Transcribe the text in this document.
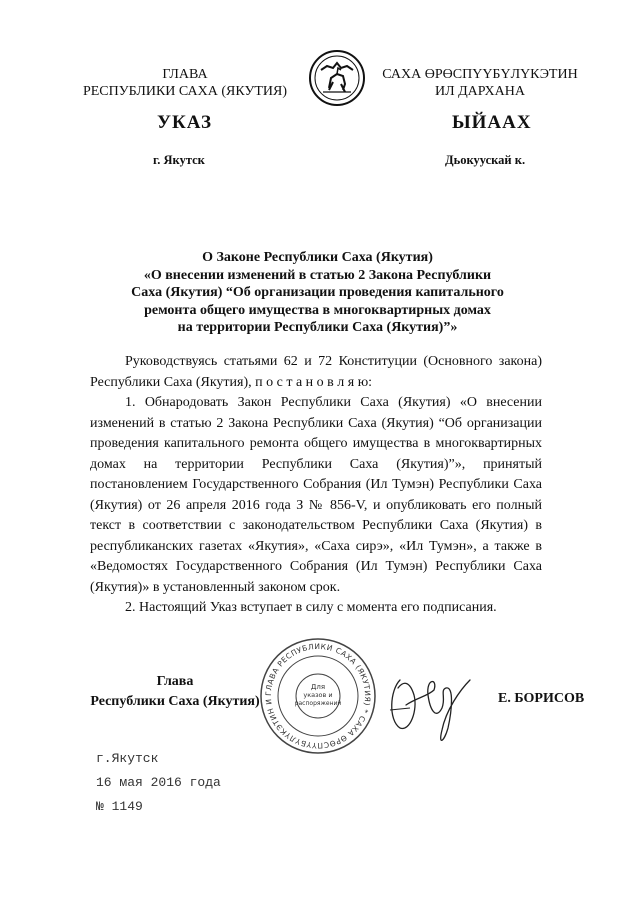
ГЛАВА
РЕСПУБЛИКИ САХА (ЯКУТИЯ)
САХА ӨРӨСПҮҮБҮЛҮКЭТИН
ИЛ ДАРХАНА
УКАЗ	ЫЙААХ
г. Якутск	Дьокуускай к.
О Законе Республики Саха (Якутия)
«О внесении изменений в статью 2 Закона Республики
Саха (Якутия) “Об организации проведения капитального
ремонта общего имущества в многоквартирных домах
на территории Республики Саха (Якутия)”»
Руководствуясь статьями 62 и 72 Конституции (Основного закона) Республики Саха (Якутия), п о с т а н о в л я ю:
1. Обнародовать Закон Республики Саха (Якутия) «О внесении изменений в статью 2 Закона Республики Саха (Якутия) “Об организации проведения капитального ремонта общего имущества в многоквартирных домах на территории Республики Саха (Якутия)”», принятый постановлением Государственного Собрания (Ил Тумэн) Республики Саха (Якутия) от 26 апреля 2016 года З № 856-V, и опубликовать его полный текст в соответствии с законодательством Республики Саха (Якутия) в республиканских газетах «Якутия», «Саха сирэ», «Ил Тумэн», а также в «Ведомостях Государственного Собрания (Ил Тумэн) Республики Саха (Якутия)» в установленный законом срок.
2. Настоящий Указ вступает в силу с момента его подписания.
Глава
Республики Саха (Якутия)	Е. БОРИСОВ
ГЛАВА РЕСПУБЛИКИ САХА (ЯКУТИЯ) * САХА ӨРӨСПҮҮБҮЛҮКЭТИН И
Для
указов и
распоряжений
г.Якутск
16 мая 2016 года
№ 1149
